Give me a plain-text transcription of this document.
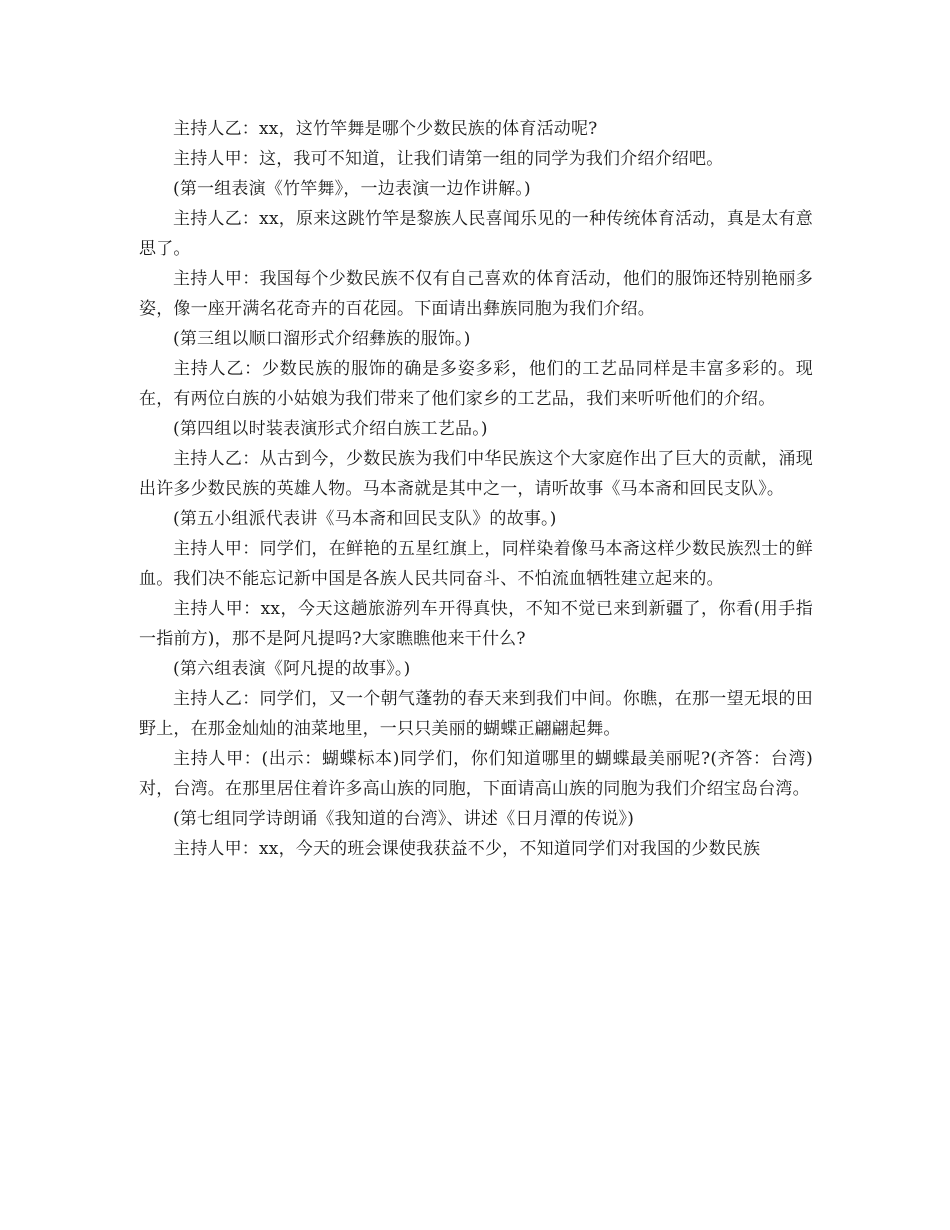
主持人乙：xx，这竹竿舞是哪个少数民族的体育活动呢?

主持人甲：这，我可不知道，让我们请第一组的同学为我们介绍介绍吧。

(第一组表演《竹竿舞》，一边表演一边作讲解。)

主持人乙：xx，原来这跳竹竿是黎族人民喜闻乐见的一种传统体育活动，真是太有意思了。

主持人甲：我国每个少数民族不仅有自己喜欢的体育活动，他们的服饰还特别艳丽多姿，像一座开满名花奇卉的百花园。下面请出彝族同胞为我们介绍。

(第三组以顺口溜形式介绍彝族的服饰。)

主持人乙：少数民族的服饰的确是多姿多彩，他们的工艺品同样是丰富多彩的。现在，有两位白族的小姑娘为我们带来了他们家乡的工艺品，我们来听听他们的介绍。

(第四组以时装表演形式介绍白族工艺品。)

主持人乙：从古到今，少数民族为我们中华民族这个大家庭作出了巨大的贡献，涌现出许多少数民族的英雄人物。马本斋就是其中之一，请听故事《马本斋和回民支队》。

(第五小组派代表讲《马本斋和回民支队》的故事。)

主持人甲：同学们，在鲜艳的五星红旗上，同样染着像马本斋这样少数民族烈士的鲜血。我们决不能忘记新中国是各族人民共同奋斗、不怕流血牺牲建立起来的。

主持人甲：xx，今天这趟旅游列车开得真快，不知不觉已来到新疆了，你看(用手指一指前方)，那不是阿凡提吗?大家瞧瞧他来干什么?

(第六组表演《阿凡提的故事》。)

主持人乙：同学们，又一个朝气蓬勃的春天来到我们中间。你瞧，在那一望无垠的田野上，在那金灿灿的油菜地里，一只只美丽的蝴蝶正翩翩起舞。

主持人甲：(出示：蝴蝶标本)同学们，你们知道哪里的蝴蝶最美丽呢?(齐答：台湾)对，台湾。在那里居住着许多高山族的同胞，下面请高山族的同胞为我们介绍宝岛台湾。

(第七组同学诗朗诵《我知道的台湾》、讲述《日月潭的传说》)

主持人甲：xx，今天的班会课使我获益不少，不知道同学们对我国的少数民族
